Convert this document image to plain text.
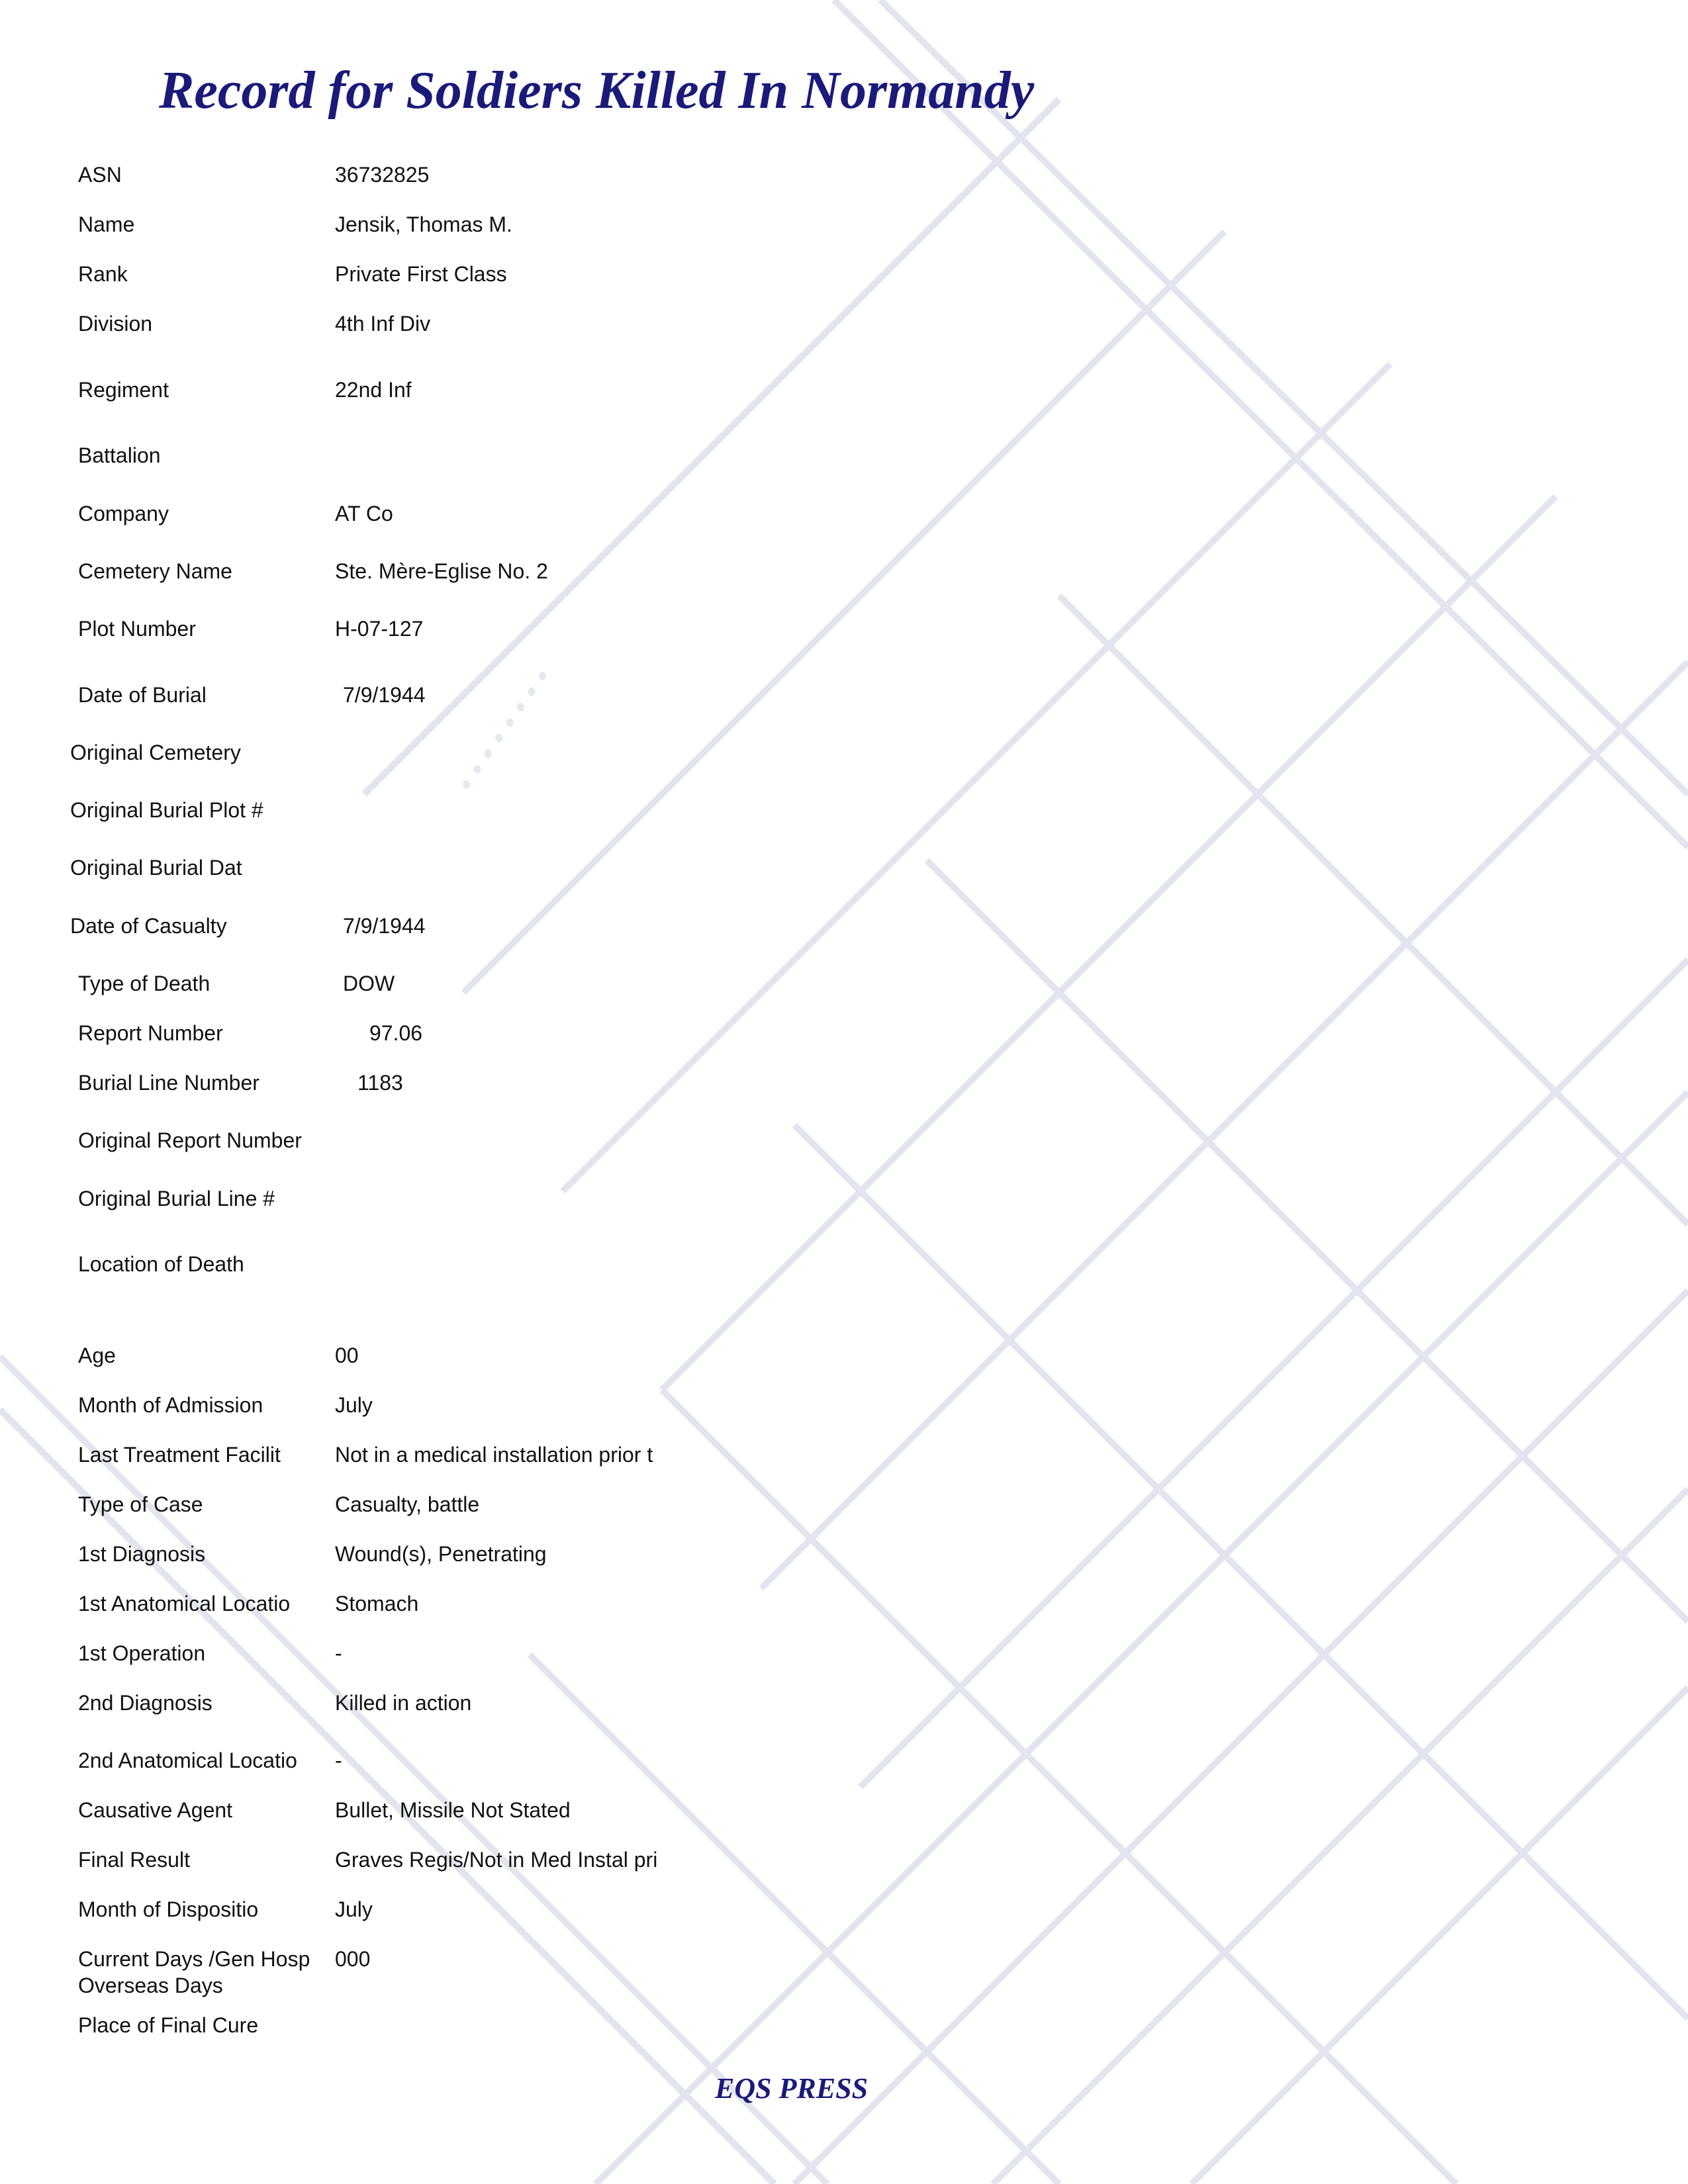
........
Record for Soldiers Killed In Normandy
ASN	36732825
Name	Jensik, Thomas M.
Rank	Private First Class
Division	4th Inf Div
Regiment	22nd Inf
Battalion
Company	AT Co
Cemetery Name	Ste. Mère-Eglise No. 2
Plot Number	H-07-127
Date of Burial	7/9/1944
Original Cemetery
Original Burial Plot #
Original Burial Dat
Date of Casualty	7/9/1944
Type of Death	DOW
Report Number	97.06
Burial Line Number	1183
Original Report Number
Original Burial Line #
Location of Death
Age	00
Month of Admission	July
Last Treatment Facilit	Not in a medical installation prior t
Type of Case	Casualty, battle
1st Diagnosis	Wound(s), Penetrating
1st Anatomical Locatio Stomach
1st Operation	-
2nd Diagnosis	Killed in action
2nd Anatomical Locatio -
Causative Agent	Bullet, Missile Not Stated
Final Result	Graves Regis/Not in Med Instal pri
Month of Dispositio	July
Current Days /Gen Hosp 000
Overseas Days
Place of Final Cure
EQS PRESS
